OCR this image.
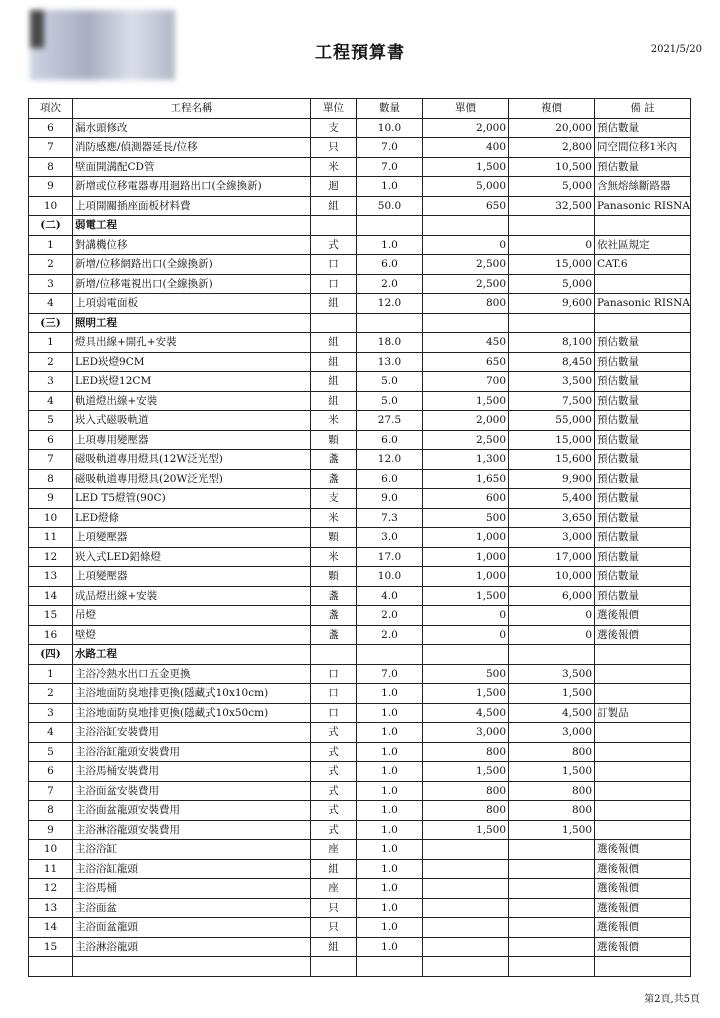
工程預算書	2021/5/20
項次	工程名稱	單位	數量	單價	複價	備 註
6	漏水頭修改	支	10.0	2,000	20,000	預估數量
7	消防感應/偵測器延長/位移	只	7.0	400	2,800	同空間位移1米內
8	壁面開溝配CD管	米	7.0	1,500	10,500	預估數量
9	新增或位移電器專用迴路出口(全線換新)	迴	1.0	5,000	5,000	含無熔絲斷路器
10	上項開關插座面板材料費	組	50.0	650	32,500	Panasonic RISNA
(二)	弱電工程					
1	對講機位移	式	1.0	0	0	依社區規定
2	新增/位移網路出口(全線換新)	口	6.0	2,500	15,000	CAT.6
3	新增/位移電視出口(全線換新)	口	2.0	2,500	5,000	
4	上項弱電面板	組	12.0	800	9,600	Panasonic RISNA
(三)	照明工程					
1	燈具出線+開孔+安裝	組	18.0	450	8,100	預估數量
2	LED崁燈9CM	組	13.0	650	8,450	預估數量
3	LED崁燈12CM	組	5.0	700	3,500	預估數量
4	軌道燈出線+安裝	組	5.0	1,500	7,500	預估數量
5	崁入式磁吸軌道	米	27.5	2,000	55,000	預估數量
6	上項專用變壓器	顆	6.0	2,500	15,000	預估數量
7	磁吸軌道專用燈具(12W泛光型)	盞	12.0	1,300	15,600	預估數量
8	磁吸軌道專用燈具(20W泛光型)	盞	6.0	1,650	9,900	預估數量
9	LED T5燈管(90C)	支	9.0	600	5,400	預估數量
10	LED燈條	米	7.3	500	3,650	預估數量
11	上項變壓器	顆	3.0	1,000	3,000	預估數量
12	崁入式LED鋁條燈	米	17.0	1,000	17,000	預估數量
13	上項變壓器	顆	10.0	1,000	10,000	預估數量
14	成品燈出線+安裝	盞	4.0	1,500	6,000	預估數量
15	吊燈	盞	2.0	0	0	選後報價
16	壁燈	盞	2.0	0	0	選後報價
(四)	水路工程					
1	主浴冷熱水出口五金更換	口	7.0	500	3,500	
2	主浴地面防臭地排更換(隱藏式10x10cm)	口	1.0	1,500	1,500	
3	主浴地面防臭地排更換(隱藏式10x50cm)	口	1.0	4,500	4,500	訂製品
4	主浴浴缸安裝費用	式	1.0	3,000	3,000	
5	主浴浴缸龍頭安裝費用	式	1.0	800	800	
6	主浴馬桶安裝費用	式	1.0	1,500	1,500	
7	主浴面盆安裝費用	式	1.0	800	800	
8	主浴面盆龍頭安裝費用	式	1.0	800	800	
9	主浴淋浴龍頭安裝費用	式	1.0	1,500	1,500	
10	主浴浴缸	座	1.0			選後報價
11	主浴浴缸龍頭	組	1.0			選後報價
12	主浴馬桶	座	1.0			選後報價
13	主浴面盆	只	1.0			選後報價
14	主浴面盆龍頭	只	1.0			選後報價
15	主浴淋浴龍頭	組	1.0			選後報價

第2頁,共5頁
